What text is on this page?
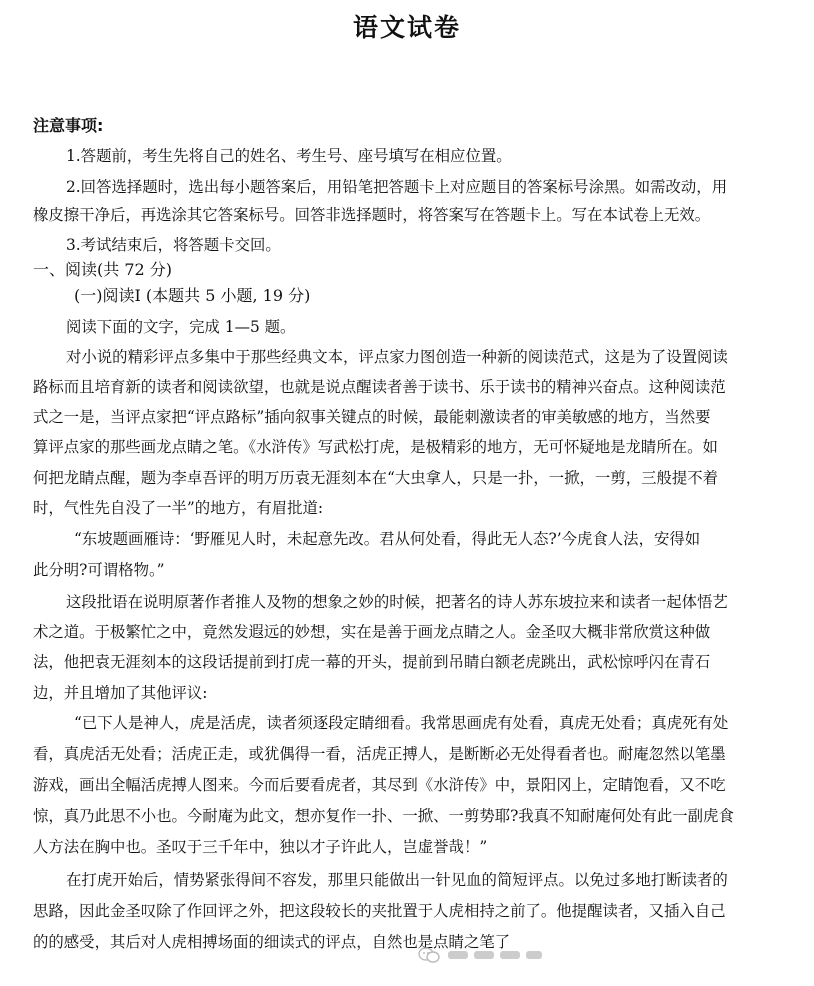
语文试卷
注意事项:
1.答题前，考生先将自己的姓名、考生号、座号填写在相应位置。
2.回答选择题时，选出每小题答案后，用铅笔把答题卡上对应题目的答案标号涂黑。如需改动，用
橡皮擦干净后，再选涂其它答案标号。回答非选择题时，将答案写在答题卡上。写在本试卷上无效。
3.考试结束后，将答题卡交回。
一、阅读(共 72 分)
(一)阅读Ⅰ (本题共 5 小题, 19 分)
阅读下面的文字，完成 1—5 题。
对小说的精彩评点多集中于那些经典文本，评点家力图创造一种新的阅读范式，这是为了设置阅读
路标而且培育新的读者和阅读欲望，也就是说点醒读者善于读书、乐于读书的精神兴奋点。这种阅读范
式之一是，当评点家把“评点路标”插向叙事关键点的时候，最能刺激读者的审美敏感的地方，当然要
算评点家的那些画龙点睛之笔。《水浒传》写武松打虎，是极精彩的地方，无可怀疑地是龙睛所在。如
何把龙睛点醒，题为李卓吾评的明万历袁无涯刻本在“大虫拿人，只是一扑，一掀，一剪，三般提不着
时，气性先自没了一半”的地方，有眉批道:
“东坡题画雁诗：‘野雁见人时，未起意先改。君从何处看，得此无人态?’今虎食人法，安得如
此分明?可谓格物。”
这段批语在说明原著作者推人及物的想象之妙的时候，把著名的诗人苏东坡拉来和读者一起体悟艺
术之道。于极繁忙之中，竟然发遐远的妙想，实在是善于画龙点睛之人。金圣叹大概非常欣赏这种做
法，他把袁无涯刻本的这段话提前到打虎一幕的开头，提前到吊睛白额老虎跳出，武松惊呼闪在青石
边，并且增加了其他评议:
“已下人是神人，虎是活虎，读者须逐段定睛细看。我常思画虎有处看，真虎无处看；真虎死有处
看，真虎活无处看；活虎正走，或犹偶得一看，活虎正搏人，是断断必无处得看者也。耐庵忽然以笔墨
游戏，画出全幅活虎搏人图来。今而后要看虎者，其尽到《水浒传》中，景阳冈上，定睛饱看，又不吃
惊，真乃此思不小也。今耐庵为此文，想亦复作一扑、一掀、一剪势耶?我真不知耐庵何处有此一副虎食
人方法在胸中也。圣叹于三千年中，独以才子许此人，岂虚誉哉！”
在打虎开始后，情势紧张得间不容发，那里只能做出一针见血的简短评点。以免过多地打断读者的
思路，因此金圣叹除了作回评之外，把这段较长的夹批置于人虎相持之前了。他提醒读者，又插入自己
的的感受，其后对人虎相搏场面的细读式的评点，自然也是点睛之笔了
